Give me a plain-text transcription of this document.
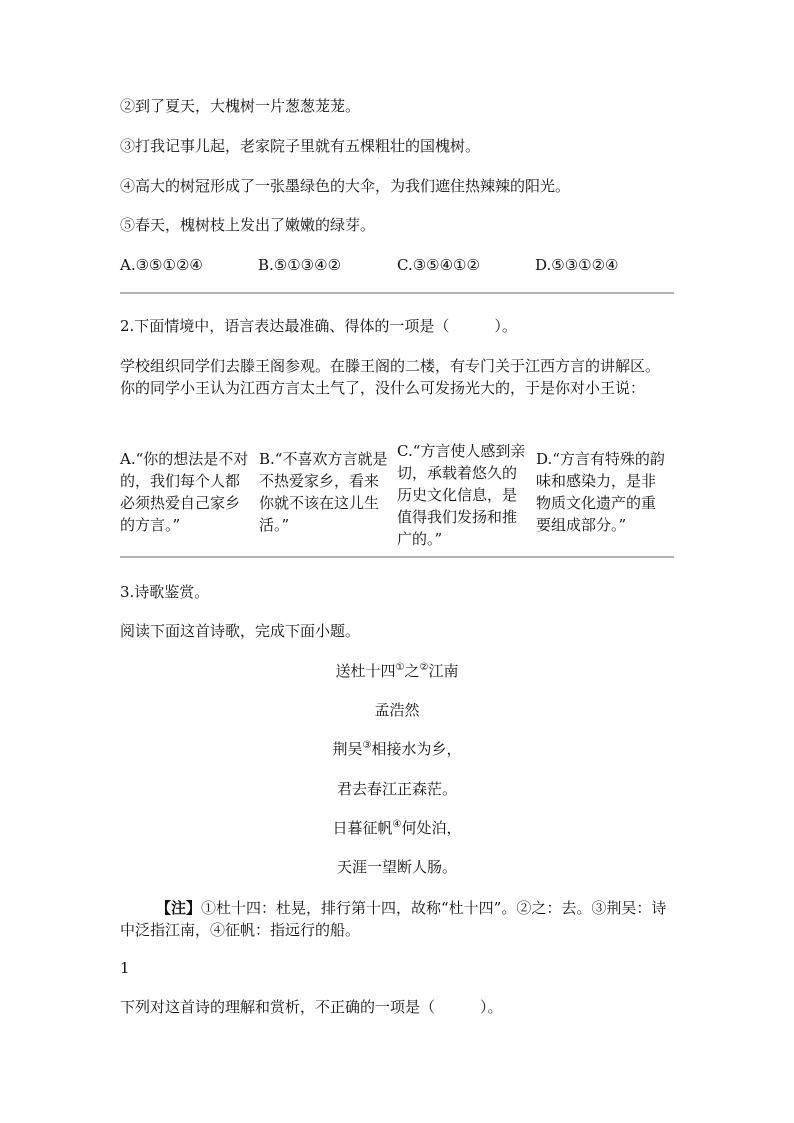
②到了夏天，大槐树一片葱葱茏茏。
③打我记事儿起，老家院子里就有五棵粗壮的国槐树。
④高大的树冠形成了一张墨绿色的大伞，为我们遮住热辣辣的阳光。
⑤春天，槐树枝上发出了嫩嫩的绿芽。
A.③⑤①②④	B.⑤①③④②	C.③⑤④①②	D.⑤③①②④
2.下面情境中，语言表达最准确、得体的一项是（　　　）。
学校组织同学们去滕王阁参观。在滕王阁的二楼，有专门关于江西方言的讲解区。你的同学小王认为江西方言太土气了，没什么可发扬光大的，于是你对小王说：
A.“你的想法是不对的，我们每个人都必须热爱自己家乡的方言。”
B.“不喜欢方言就是不热爱家乡，看来你就不该在这儿生活。”
C.“方言使人感到亲切，承载着悠久的历史文化信息，是值得我们发扬和推广的。”
D.“方言有特殊的韵味和感染力，是非物质文化遗产的重要组成部分。”
3.诗歌鉴赏。
阅读下面这首诗歌，完成下面小题。
送杜十四①之②江南
孟浩然
荆吴③相接水为乡，
君去春江正森茫。
日暮征帆④何处泊，
天涯一望断人肠。
【注】①杜十四：杜晃，排行第十四，故称“杜十四”。②之：去。③荆吴：诗中泛指江南，④征帆：指远行的船。
1
下列对这首诗的理解和赏析，不正确的一项是（　　　）。
